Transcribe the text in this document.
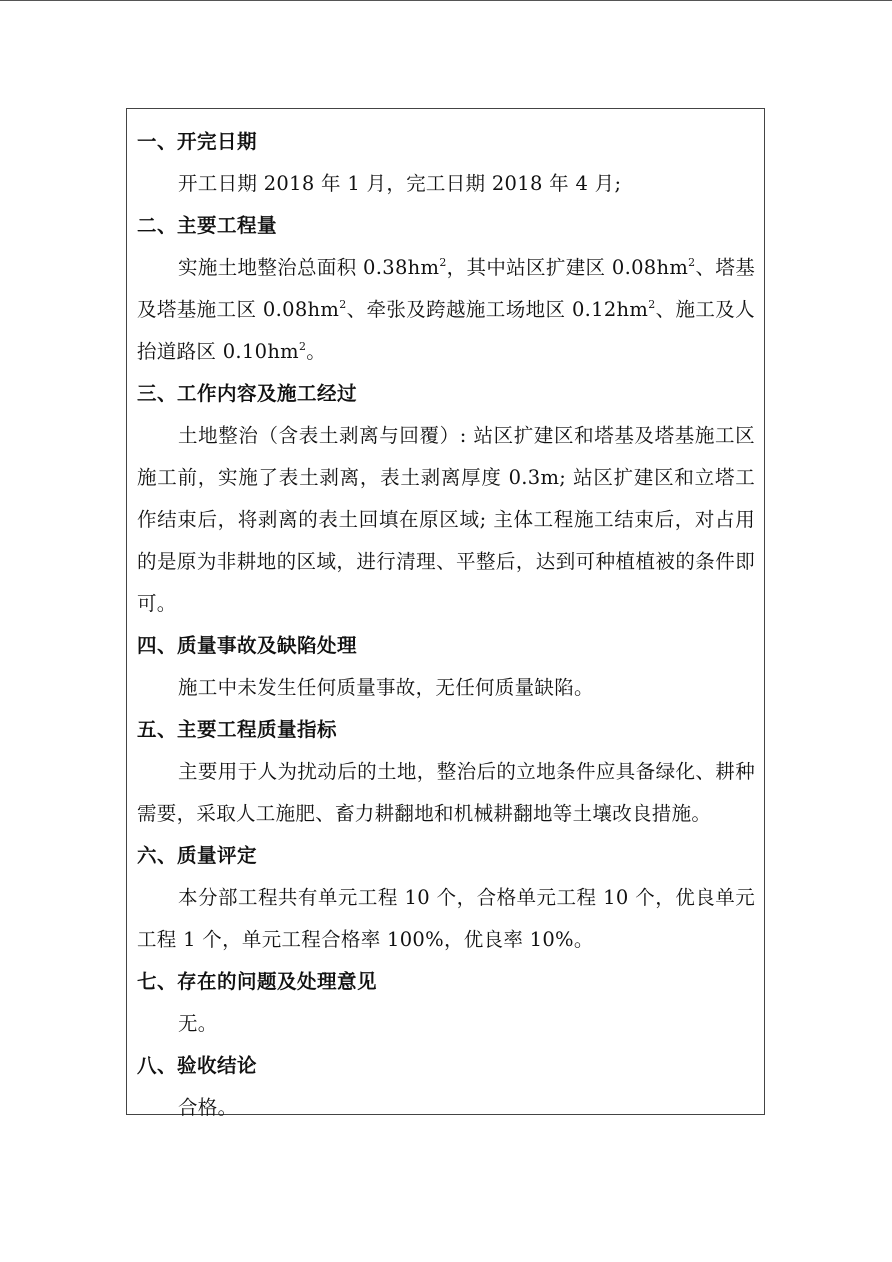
一、开完日期

开工日期 2018 年 1 月，完工日期 2018 年 4 月;

二、主要工程量

实施土地整治总面积 $0.38hm^2$，其中站区扩建区 $0.08hm^2$、塔基及塔基施工区 $0.08hm^2$、牵张及跨越施工场地区 $0.12hm^2$、施工及人抬道路区 $0.10hm^2$。

三、工作内容及施工经过

土地整治（含表土剥离与回覆）: 站区扩建区和塔基及塔基施工区施工前，实施了表土剥离，表土剥离厚度 0.3m; 站区扩建区和立塔工作结束后，将剥离的表土回填在原区域; 主体工程施工结束后，对占用的是原为非耕地的区域，进行清理、平整后，达到可种植植被的条件即可。

四、质量事故及缺陷处理

施工中未发生任何质量事故，无任何质量缺陷。

五、主要工程质量指标

主要用于人为扰动后的土地，整治后的立地条件应具备绿化、耕种需要，采取人工施肥、畜力耕翻地和机械耕翻地等土壤改良措施。

六、质量评定

本分部工程共有单元工程 10 个，合格单元工程 10 个，优良单元工程 1 个，单元工程合格率 100%，优良率 10%。

七、存在的问题及处理意见

无。

八、验收结论

合格。
